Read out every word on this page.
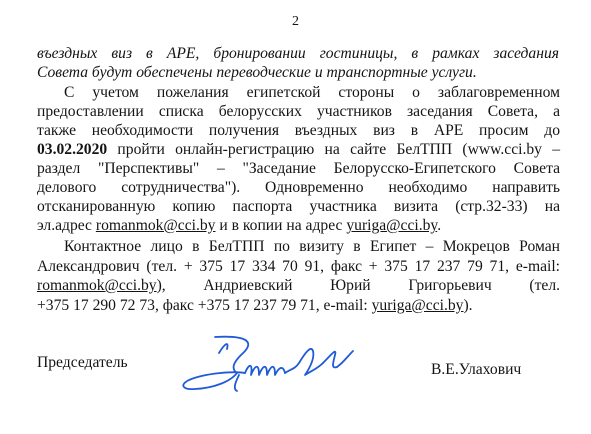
2
въездных виз в АРЕ, бронировании гостиницы, в рамках заседания
Совета будут обеспечены переводческие и транспортные услуги.
С учетом пожелания египетской стороны о заблаговременном
предоставлении списка белорусских участников заседания Совета, а
также необходимости получения въездных виз в АРЕ просим до
03.02.2020 пройти онлайн-регистрацию на сайте БелТПП (www.cci.by –
раздел "Перспективы" – "Заседание Белорусско-Египетского Совета
делового сотрудничества"). Одновременно необходимо направить
отсканированную копию паспорта участника визита (стр.32-33) на
эл.адрес romanmok@cci.by и в копии на адрес yuriga@cci.by.
Контактное лицо в БелТПП по визиту в Египет – Мокрецов Роман
Александрович (тел. + 375 17 334 70 91, факс + 375 17 237 79 71, e-mail:
romanmok@cci.by), Андриевский Юрий Григорьевич (тел.
+375 17 290 72 73, факс +375 17 237 79 71, e-mail: yuriga@cci.by).
Председатель	В.Е.Улахович
